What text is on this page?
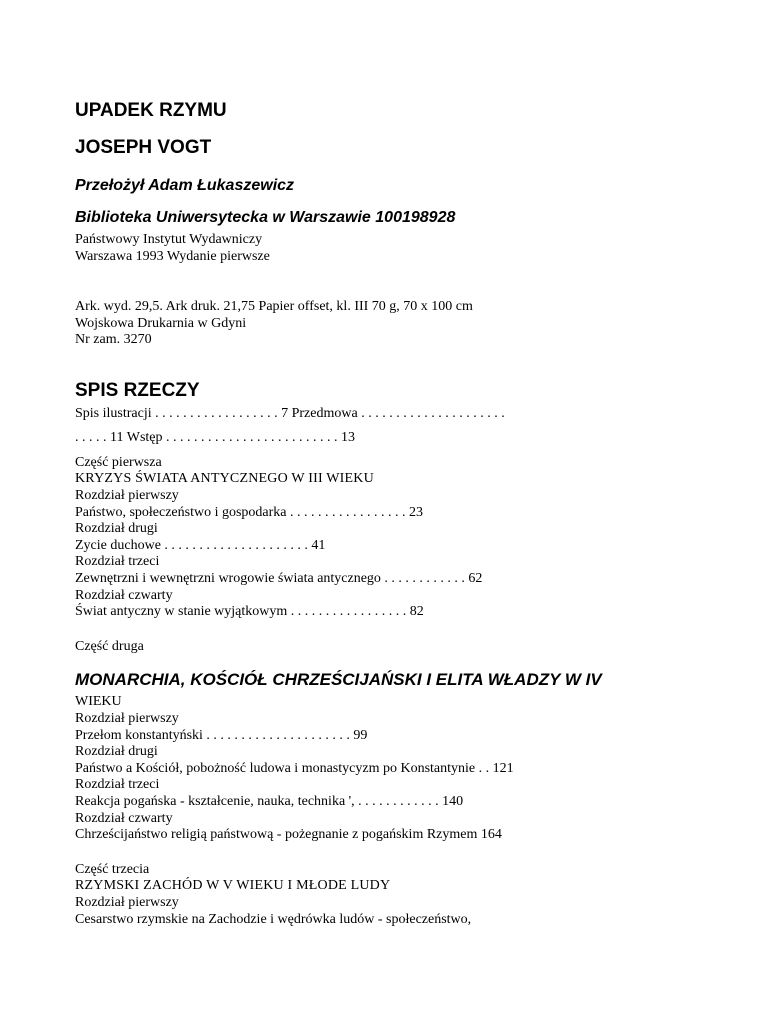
UPADEK RZYMU
JOSEPH VOGT
Przełożył Adam Łukaszewicz
Biblioteka Uniwersytecka w Warszawie 100198928
Państwowy Instytut Wydawniczy
Warszawa 1993 Wydanie pierwsze
Ark. wyd. 29,5. Ark druk. 21,75 Papier offset, kl. III 70 g, 70 x 100 cm
Wojskowa Drukarnia w Gdyni
Nr zam. 3270
SPIS RZECZY
Spis ilustracji . . . . . . . . . . . . . . . . . . 7 Przedmowa . . . . . . . . . . . . . . . . . . . . .
. . . . . 11 Wstęp . . . . . . . . . . . . . . . . . . . . . . . . . 13
Część pierwsza
KRYZYS ŚWIATA ANTYCZNEGO W III WIEKU
Rozdział pierwszy
Państwo, społeczeństwo i gospodarka . . . . . . . . . . . . . . . . . 23
Rozdział drugi
Zycie duchowe . . . . . . . . . . . . . . . . . . . . . 41
Rozdział trzeci
Zewnętrzni i wewnętrzni wrogowie świata antycznego . . . . . . . . . . . . 62
Rozdział czwarty
Świat antyczny w stanie wyjątkowym . . . . . . . . . . . . . . . . . 82
Część druga
MONARCHIA, KOŚCIÓŁ CHRZEŚCIJAŃSKI I ELITA WŁADZY W IV
WIEKU
Rozdział pierwszy
Przełom konstantyński . . . . . . . . . . . . . . . . . . . . . 99
Rozdział drugi
Państwo a Kościół, pobożność ludowa i monastycyzm po Konstantynie . . 121
Rozdział trzeci
Reakcja pogańska - kształcenie, nauka, technika ', . . . . . . . . . . . . 140
Rozdział czwarty
Chrześcijaństwo religią państwową - pożegnanie z pogańskim Rzymem 164
Część trzecia
RZYMSKI ZACHÓD W V WIEKU I MŁODE LUDY
Rozdział pierwszy
Cesarstwo rzymskie na Zachodzie i wędrówka ludów - społeczeństwo,
